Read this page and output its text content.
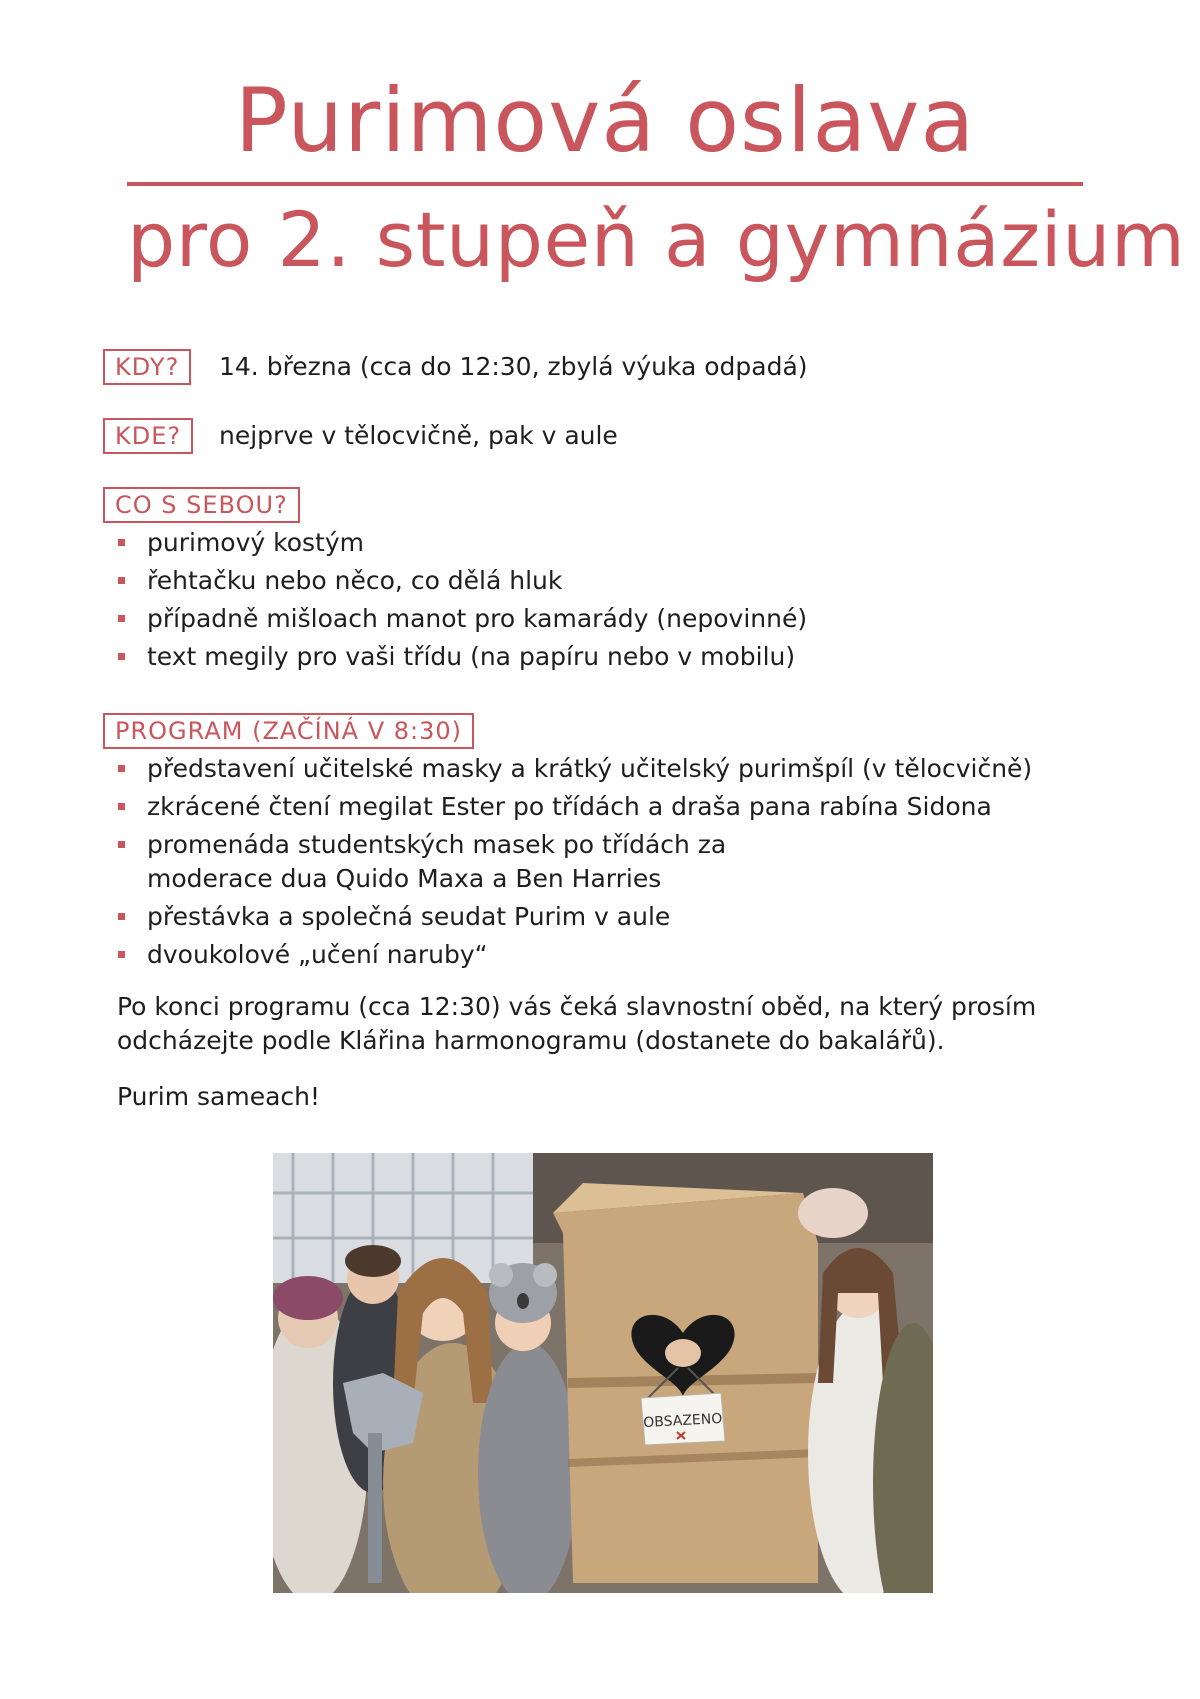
Purimová oslava
pro 2. stupeň a gymnázium
KDY?	14. března (cca do 12:30, zbylá výuka odpadá)
KDE?	nejprve v tělocvičně, pak v aule
CO S SEBOU?
purimový kostým
řehtačku nebo něco, co dělá hluk
případně mišloach manot pro kamarády (nepovinné)
text megily pro vaši třídu (na papíru nebo v mobilu)
PROGRAM (ZAČÍNÁ V 8:30)
představení učitelské masky a krátký učitelský purimšpíl (v tělocvičně)
zkrácené čtení megilat Ester po třídách a draša pana rabína Sidona
promenáda studentských masek po třídách za moderace dua Quido Maxa a Ben Harries
přestávka a společná seudat Purim v aule
dvoukolové „učení naruby“

Po konci programu (cca 12:30) vás čeká slavnostní oběd, na který prosím odcházejte podle Klářina harmonogramu (dostanete do bakalářů).

Purim sameach!

OBSAZENO
